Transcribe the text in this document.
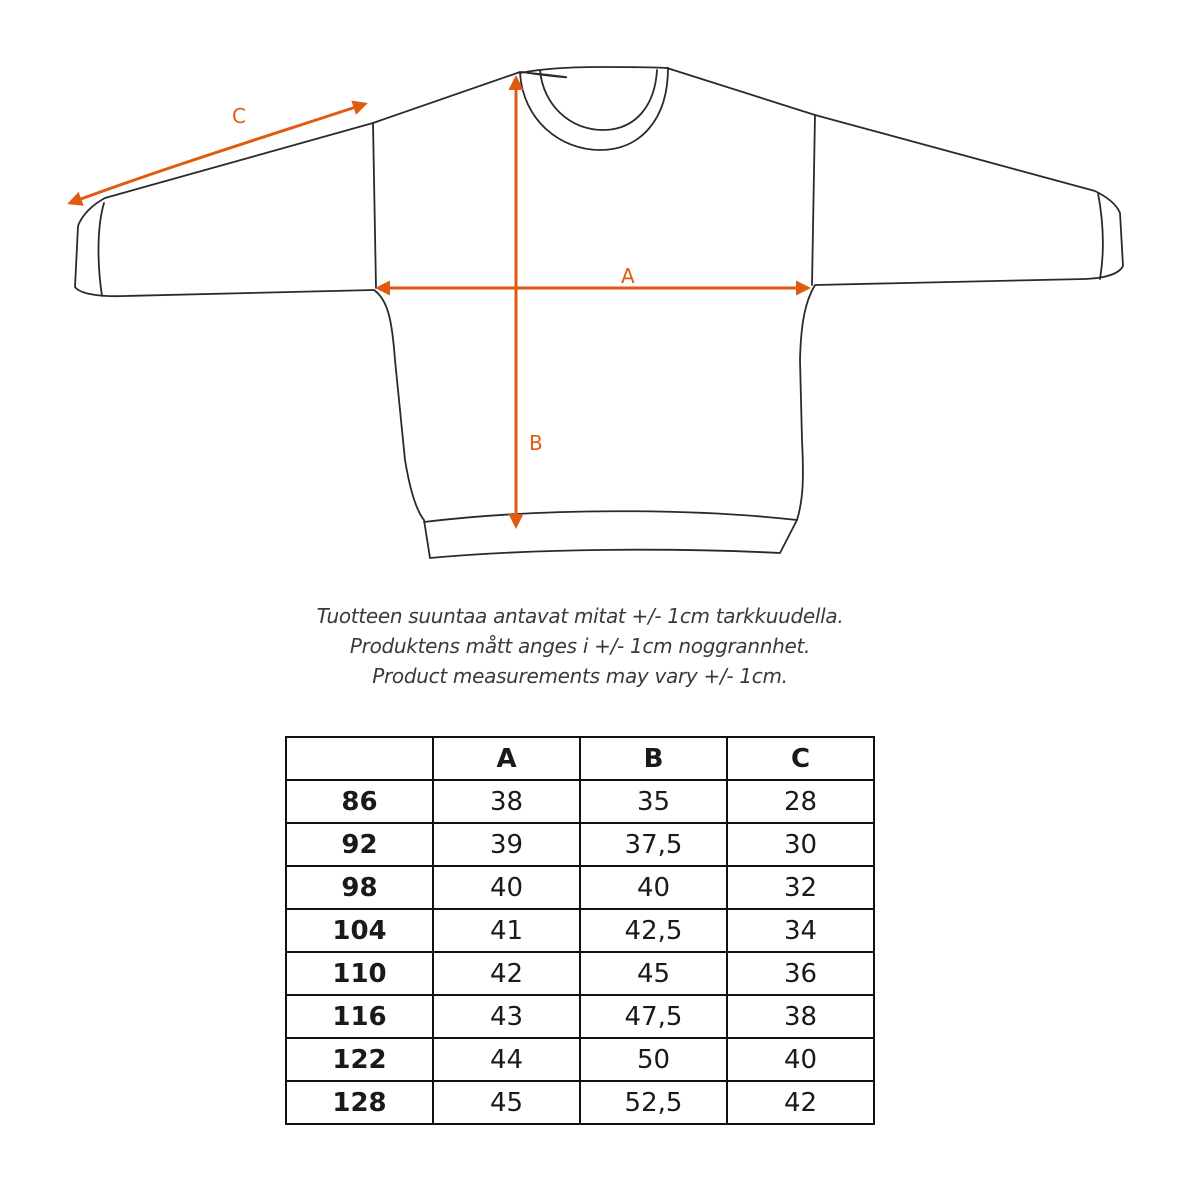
A
B
C
Tuotteen suuntaa antavat mitat +/- 1cm tarkkuudella.
Produktens mått anges i +/- 1cm noggrannhet.
Product measurements may vary +/- 1cm.
	A	B	C
86	38	35	28
92	39	37,5	30
98	40	40	32
104	41	42,5	34
110	42	45	36
116	43	47,5	38
122	44	50	40
128	45	52,5	42
